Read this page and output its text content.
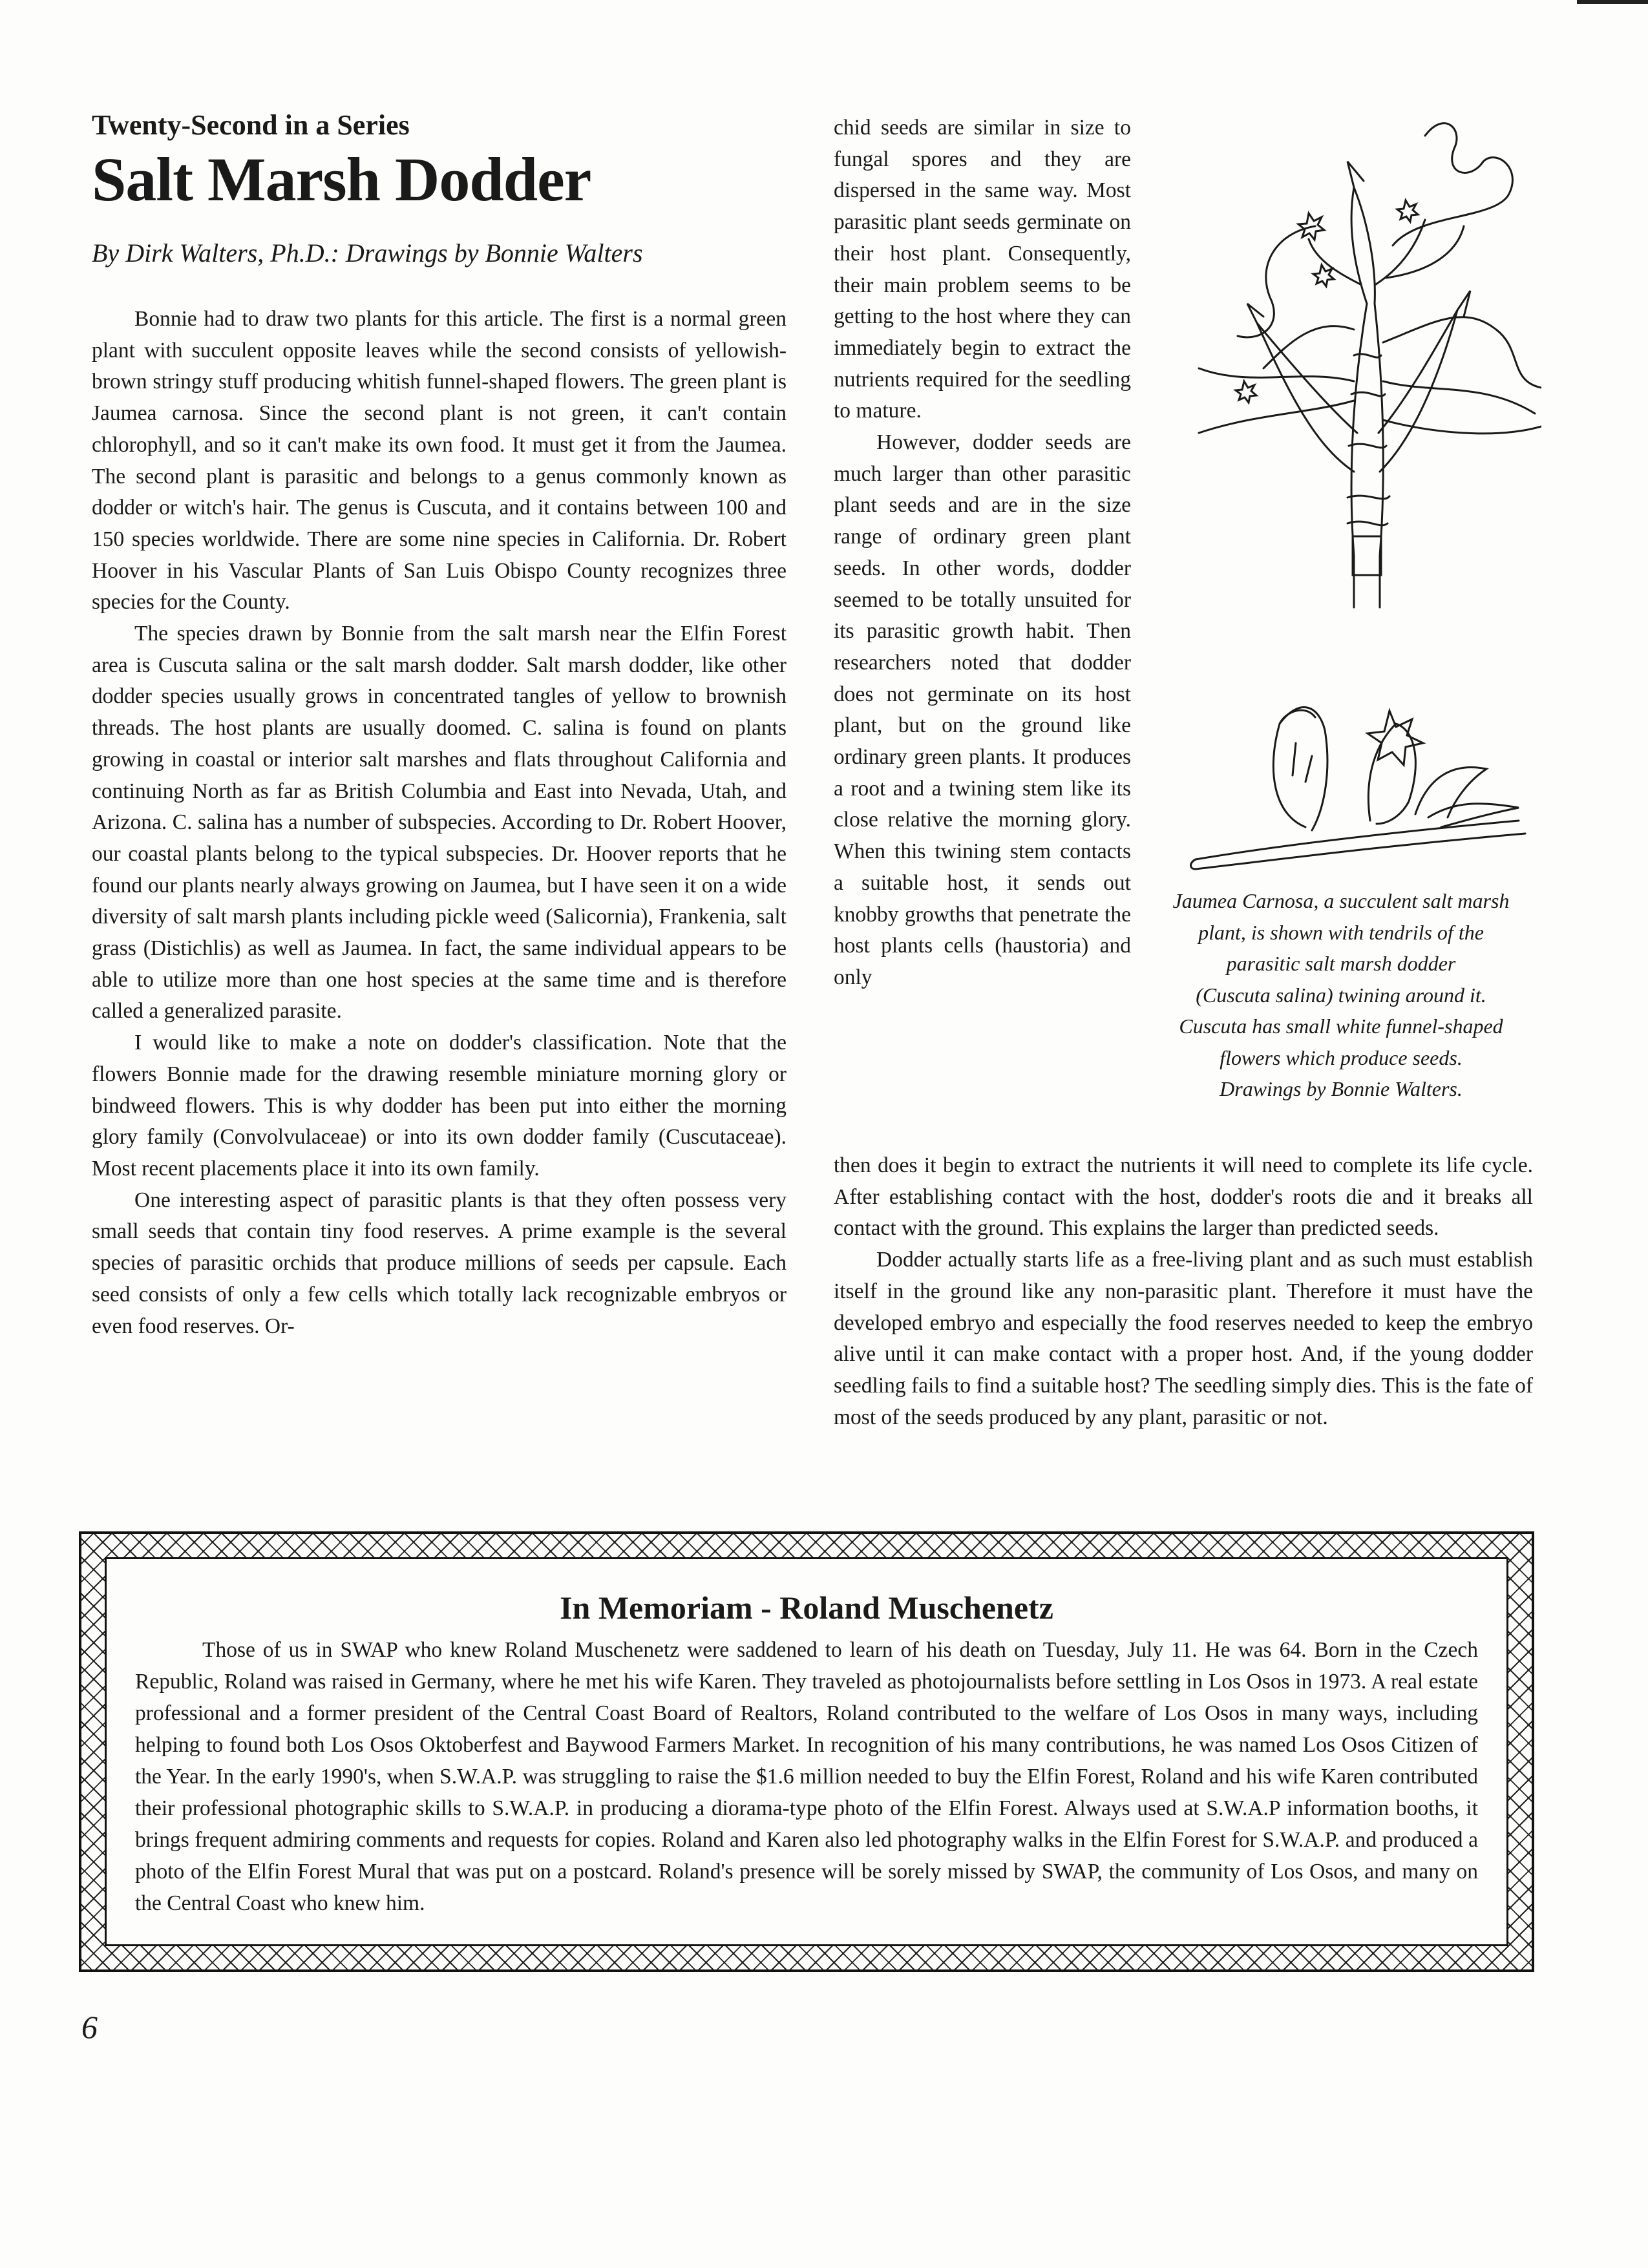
Twenty-Second in a Series
Salt Marsh Dodder
By Dirk Walters, Ph.D.: Drawings by Bonnie Walters

Bonnie had to draw two plants for this article. The first is a normal green plant with succulent opposite leaves while the second consists of yellowish-brown stringy stuff producing whitish funnel-shaped flowers. The green plant is Jaumea carnosa. Since the second plant is not green, it can't contain chlorophyll, and so it can't make its own food. It must get it from the Jaumea. The second plant is parasitic and belongs to a genus commonly known as dodder or witch's hair. The genus is Cuscuta, and it contains between 100 and 150 species worldwide. There are some nine species in California. Dr. Robert Hoover in his Vascular Plants of San Luis Obispo County recognizes three species for the County.

The species drawn by Bonnie from the salt marsh near the Elfin Forest area is Cuscuta salina or the salt marsh dodder. Salt marsh dodder, like other dodder species usually grows in concentrated tangles of yellow to brownish threads. The host plants are usually doomed. C. salina is found on plants growing in coastal or interior salt marshes and flats throughout California and continuing North as far as British Columbia and East into Nevada, Utah, and Arizona. C. salina has a number of subspecies. According to Dr. Robert Hoover, our coastal plants belong to the typical subspecies. Dr. Hoover reports that he found our plants nearly always growing on Jaumea, but I have seen it on a wide diversity of salt marsh plants including pickle weed (Salicornia), Frankenia, salt grass (Distichlis) as well as Jaumea. In fact, the same individual appears to be able to utilize more than one host species at the same time and is therefore called a generalized parasite.

I would like to make a note on dodder's classification. Note that the flowers Bonnie made for the drawing resemble miniature morning glory or bindweed flowers. This is why dodder has been put into either the morning glory family (Convolvulaceae) or into its own dodder family (Cuscutaceae). Most recent placements place it into its own family.

One interesting aspect of parasitic plants is that they often possess very small seeds that contain tiny food reserves. A prime example is the several species of parasitic orchids that produce millions of seeds per capsule. Each seed consists of only a few cells which totally lack recognizable embryos or even food reserves. Or-

chid seeds are similar in size to fungal spores and they are dispersed in the same way. Most parasitic plant seeds germinate on their host plant. Consequently, their main problem seems to be getting to the host where they can immediately begin to extract the nutrients required for the seedling to mature.

However, dodder seeds are much larger than other parasitic plant seeds and are in the size range of ordinary green plant seeds. In other words, dodder seemed to be totally unsuited for its parasitic growth habit. Then researchers noted that dodder does not germinate on its host plant, but on the ground like ordinary green plants. It produces a root and a twining stem like its close relative the morning glory. When this twining stem contacts a suitable host, it sends out knobby growths that penetrate the host plants cells (haustoria) and only

then does it begin to extract the nutrients it will need to complete its life cycle. After establishing contact with the host, dodder's roots die and it breaks all contact with the ground. This explains the larger than predicted seeds.

Dodder actually starts life as a free-living plant and as such must establish itself in the ground like any non-parasitic plant. Therefore it must have the developed embryo and especially the food reserves needed to keep the embryo alive until it can make contact with a proper host. And, if the young dodder seedling fails to find a suitable host? The seedling simply dies. This is the fate of most of the seeds produced by any plant, parasitic or not.

Jaumea Carnosa, a succulent salt marsh
plant, is shown with tendrils of the
parasitic salt marsh dodder
(Cuscuta salina) twining around it.
Cuscuta has small white funnel-shaped
flowers which produce seeds.
Drawings by Bonnie Walters.
In Memoriam - Roland Muschenetz

Those of us in SWAP who knew Roland Muschenetz were saddened to learn of his death on Tuesday, July 11. He was 64. Born in the Czech Republic, Roland was raised in Germany, where he met his wife Karen. They traveled as photojournalists before settling in Los Osos in 1973. A real estate professional and a former president of the Central Coast Board of Realtors, Roland contributed to the welfare of Los Osos in many ways, including helping to found both Los Osos Oktoberfest and Baywood Farmers Market. In recognition of his many contributions, he was named Los Osos Citizen of the Year. In the early 1990's, when S.W.A.P. was struggling to raise the $1.6 million needed to buy the Elfin Forest, Roland and his wife Karen contributed their professional photographic skills to S.W.A.P. in producing a diorama-type photo of the Elfin Forest. Always used at S.W.A.P information booths, it brings frequent admiring comments and requests for copies. Roland and Karen also led photography walks in the Elfin Forest for S.W.A.P. and produced a photo of the Elfin Forest Mural that was put on a postcard. Roland's presence will be sorely missed by SWAP, the community of Los Osos, and many on the Central Coast who knew him.

6
